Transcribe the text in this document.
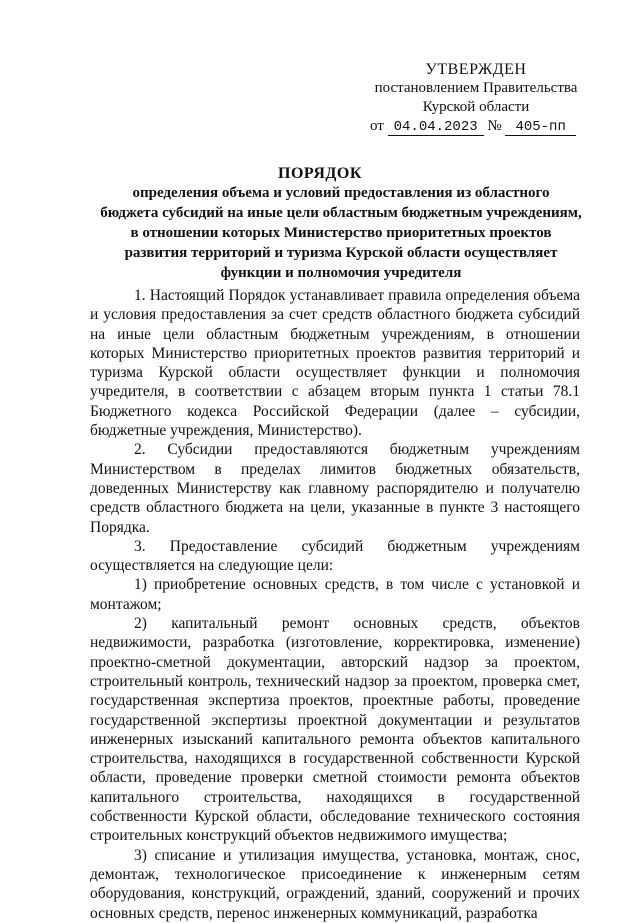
УТВЕРЖДЕН
постановлением Правительства
Курской области
от 04.04.2023 № 405-пп
ПОРЯДОК
определения объема и условий предоставления из областного
бюджета субсидий на иные цели областным бюджетным учреждениям,
в отношении которых Министерство приоритетных проектов
развития территорий и туризма Курской области осуществляет
функции и полномочия учредителя

1. Настоящий Порядок устанавливает правила определения объема и условия предоставления за счет средств областного бюджета субсидий на иные цели областным бюджетным учреждениям, в отношении которых Министерство приоритетных проектов развития территорий и туризма Курской области осуществляет функции и полномочия учредителя, в соответствии с абзацем вторым пункта 1 статьи 78.1 Бюджетного кодекса Российской Федерации (далее – субсидии, бюджетные учреждения, Министерство).

2. Субсидии предоставляются бюджетным учреждениям Министерством в пределах лимитов бюджетных обязательств, доведенных Министерству как главному распорядителю и получателю средств областного бюджета на цели, указанные в пункте 3 настоящего Порядка.

3. Предоставление субсидий бюджетным учреждениям осуществляется на следующие цели:

1) приобретение основных средств, в том числе с установкой и монтажом;

2) капитальный ремонт основных средств, объектов недвижимости, разработка (изготовление, корректировка, изменение) проектно-сметной документации, авторский надзор за проектом, строительный контроль, технический надзор за проектом, проверка смет, государственная экспертиза проектов, проектные работы, проведение государственной экспертизы проектной документации и результатов инженерных изысканий капитального ремонта объектов капитального строительства, находящихся в государственной собственности Курской области, проведение проверки сметной стоимости ремонта объектов капитального строительства, находящихся в государственной собственности Курской области, обследование технического состояния строительных конструкций объектов недвижимого имущества;

3) списание и утилизация имущества, установка, монтаж, снос, демонтаж, технологическое присоединение к инженерным сетям оборудования, конструкций, ограждений, зданий, сооружений и прочих основных средств, перенос инженерных коммуникаций, разработка
